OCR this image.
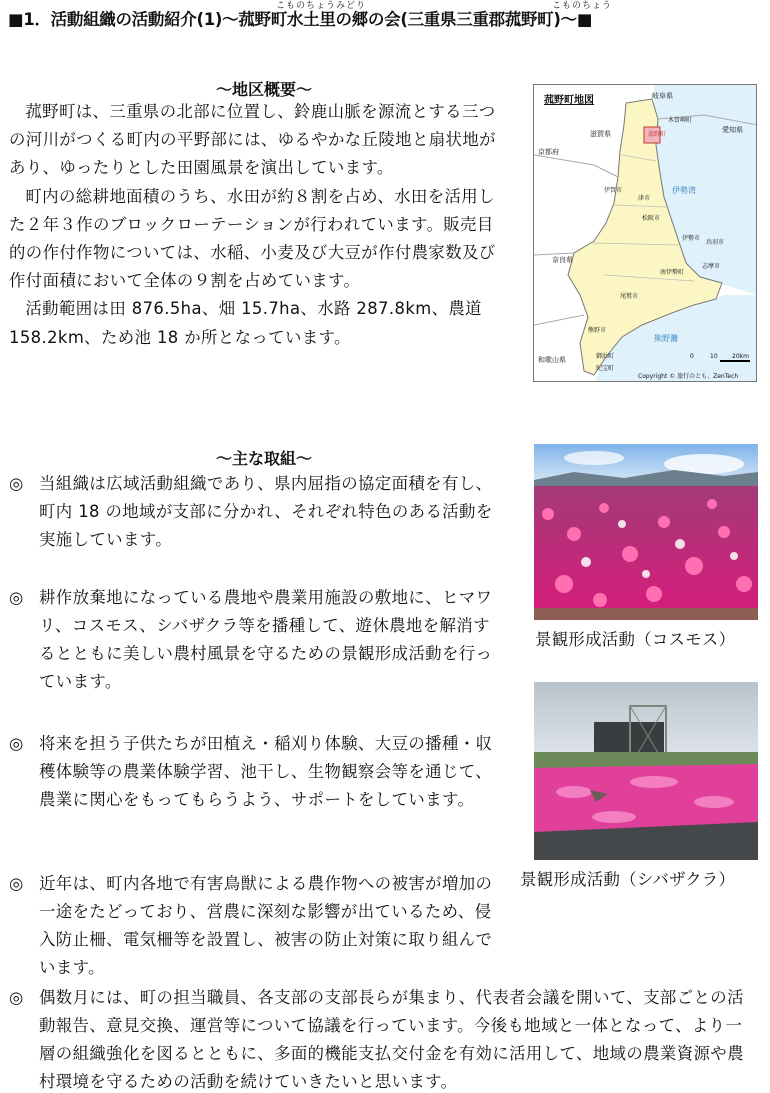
こものちょうみどり	こものちょう
■1．活動組織の活動紹介(1)～菰野町水土里の郷の会(三重県三重郡菰野町)～■
～地区概要～

菰野町は、三重県の北部に位置し、鈴鹿山脈を源流とする三つの河川がつくる町内の平野部には、ゆるやかな丘陵地と扇状地があり、ゆったりとした田園風景を演出しています。

町内の総耕地面積のうち、水田が約８割を占め、水田を活用した２年３作のブロックローテーションが行われています。販売目的の作付作物については、水稲、小麦及び大豆が作付農家数及び作付面積において全体の９割を占めています。

活動範囲は田 876.5ha、畑 15.7ha、水路 287.8km、農道 158.2km、ため池 18 か所となっています。

菰野町地図	岐阜県
愛知県
滋賀県
京都府
奈良県
和歌山県
木曽岬町
菰野町
伊賀市
津市
松阪市
伊勢市
鳥羽市
志摩市
南伊勢町
尾鷲市
熊野市
御浜町
紀宝町
伊勢湾
熊野灘
0	10 20km
Copyright © 旅行のとも、ZenTech
～主な取組～
◎ 当組織は広域活動組織であり、県内屈指の協定面積を有し、町内 18 の地域が支部に分かれ、それぞれ特色のある活動を実施しています。
◎ 耕作放棄地になっている農地や農業用施設の敷地に、ヒマワリ、コスモス、シバザクラ等を播種して、遊休農地を解消するとともに美しい農村風景を守るための景観形成活動を行っています。
◎ 将来を担う子供たちが田植え・稲刈り体験、大豆の播種・収穫体験等の農業体験学習、池干し、生物観察会等を通じて、農業に関心をもってもらうよう、サポートをしています。
◎ 近年は、町内各地で有害鳥獣による農作物への被害が増加の一途をたどっており、営農に深刻な影響が出ているため、侵入防止柵、電気柵等を設置し、被害の防止対策に取り組んでいます。
◎ 偶数月には、町の担当職員、各支部の支部長らが集まり、代表者会議を開いて、支部ごとの活動報告、意見交換、運営等について協議を行っています。今後も地域と一体となって、より一層の組織強化を図るとともに、多面的機能支払交付金を有効に活用して、地域の農業資源や農村環境を守るための活動を続けていきたいと思います。
景観形成活動（コスモス）
景観形成活動（シバザクラ）
